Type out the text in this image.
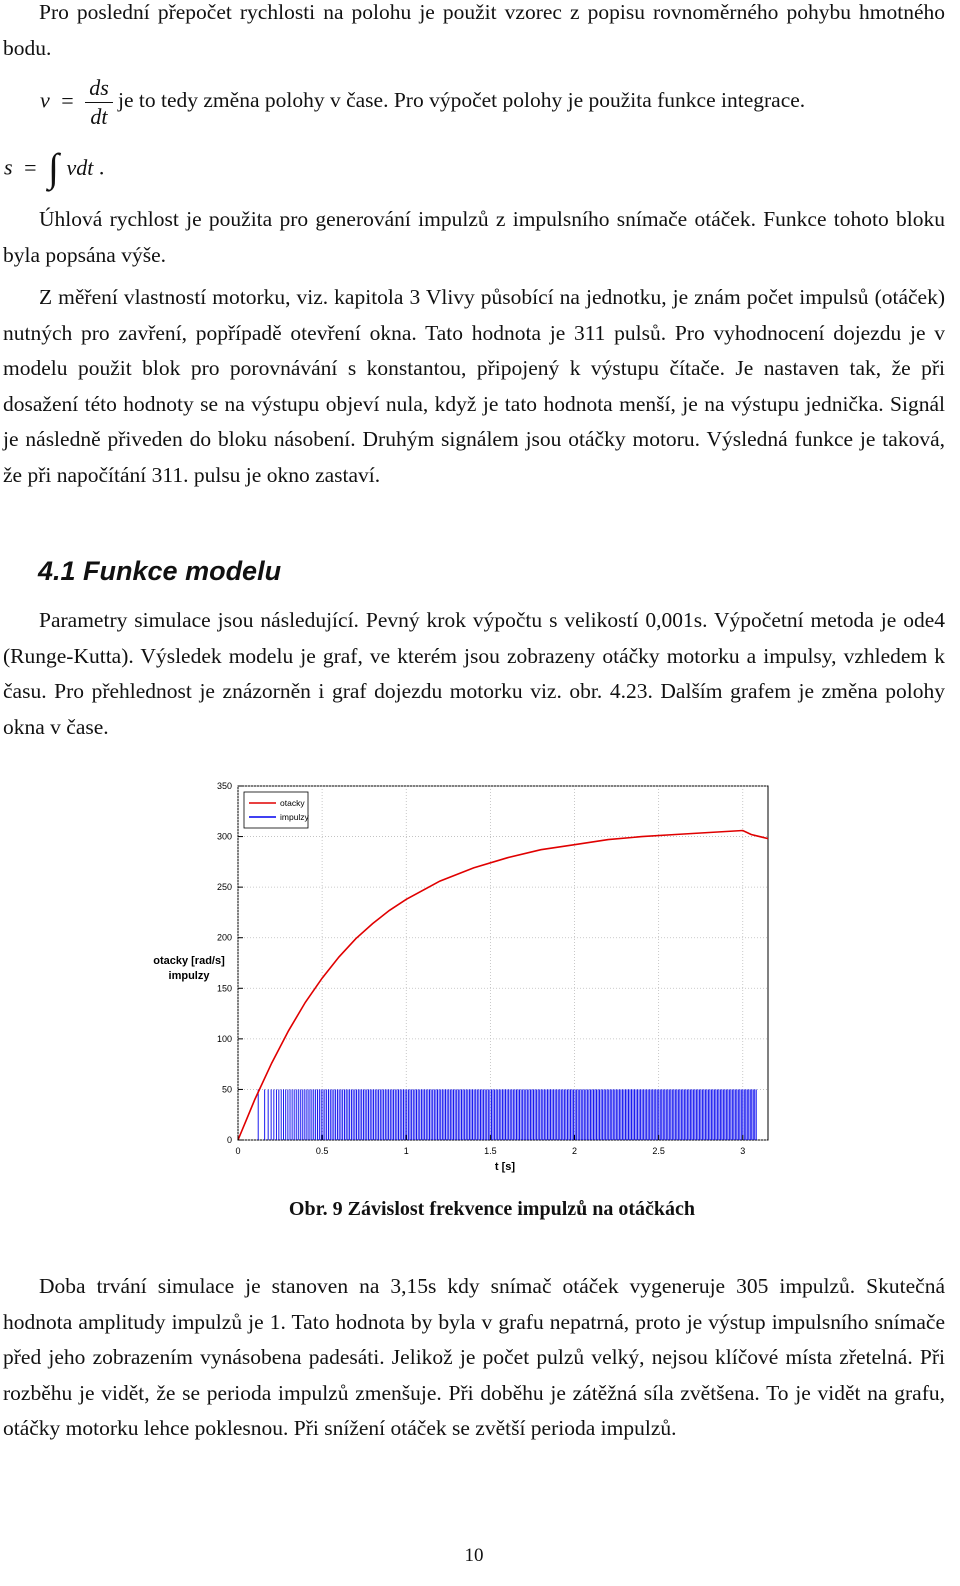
Pro poslední přepočet rychlosti na polohu je použit vzorec z popisu rovnoměrného pohybu hmotného bodu.

$v = \frac{ds}{dt}$ je to tedy změna polohy v čase. Pro výpočet polohy je použita funkce integrace.
s = ∫ vdt .

Úhlová rychlost je použita pro generování impulzů z impulsního snímače otáček. Funkce tohoto bloku byla popsána výše.

Z měření vlastností motorku, viz. kapitola 3 Vlivy působící na jednotku, je znám počet impulsů (otáček) nutných pro zavření, popřípadě otevření okna. Tato hodnota je 311 pulsů. Pro vyhodnocení dojezdu je v modelu použit blok pro porovnávání s konstantou, připojený k výstupu čítače. Je nastaven tak, že při dosažení této hodnoty se na výstupu objeví nula, když je tato hodnota menší, je na výstupu jednička. Signál je následně přiveden do bloku násobení. Druhým signálem jsou otáčky motoru. Výsledná funkce je taková, že při napočítání 311. pulsu je okno zastaví.

4.1 Funkce modelu

Parametry simulace jsou následující. Pevný krok výpočtu s velikostí 0,001s. Výpočetní metoda je ode4 (Runge-Kutta). Výsledek modelu je graf, ve kterém jsou zobrazeny otáčky motorku a impulsy, vzhledem k času. Pro přehlednost je znázorněn i graf dojezdu motorku viz. obr. 4.23. Dalším grafem je změna polohy okna v čase.

0
50
100
150
200
250
300
350
0	0.5	1	1.5	2	2.5	3
t [s]
otacky [rad/s]
impulzy
otacky
impulzy
Obr. 9 Závislost frekvence impulzů na otáčkách

Doba trvání simulace je stanoven na 3,15s kdy snímač otáček vygeneruje 305 impulzů. Skutečná hodnota amplitudy impulzů je 1. Tato hodnota by byla v grafu nepatrná, proto je výstup impulsního snímače před jeho zobrazením vynásobena padesáti. Jelikož je počet pulzů velký, nejsou klíčové místa zřetelná. Při rozběhu je vidět, že se perioda impulzů zmenšuje. Při doběhu je zátěžná síla zvětšena. To je vidět na grafu, otáčky motorku lehce poklesnou. Při snížení otáček se zvětší perioda impulzů.

10
